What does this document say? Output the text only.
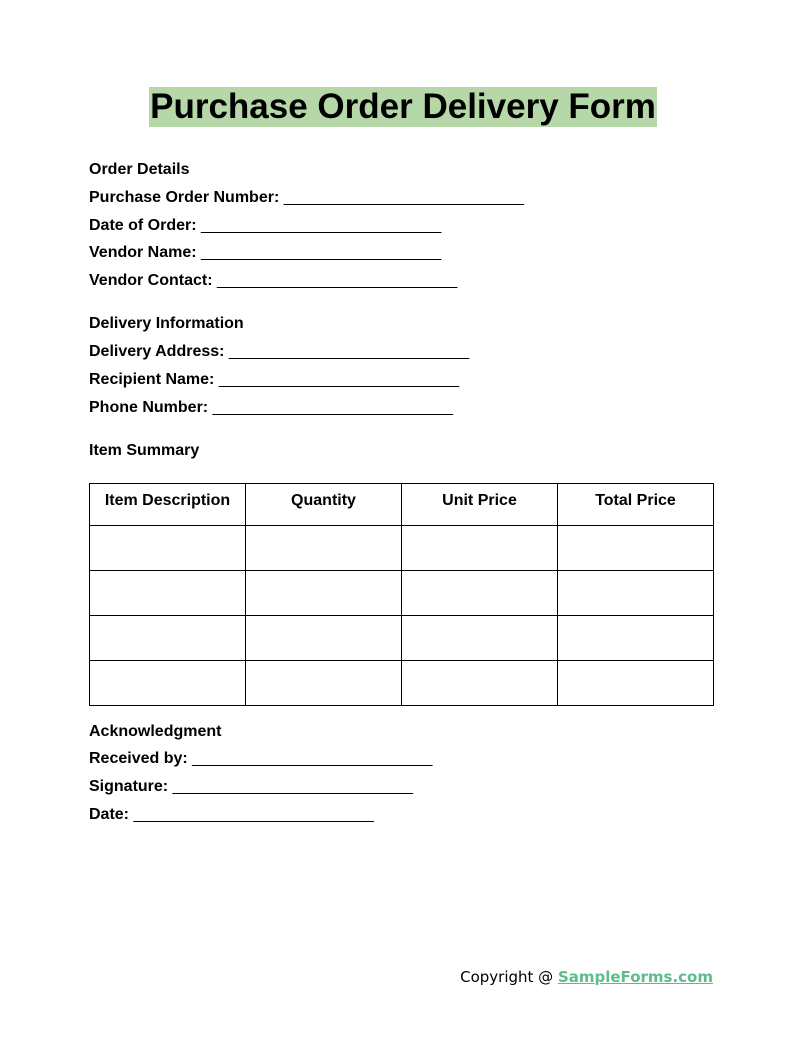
Purchase Order Delivery Form
Order Details
Purchase Order Number: ___________________________
Date of Order: ___________________________
Vendor Name: ___________________________
Vendor Contact: ___________________________
Delivery Information
Delivery Address: ___________________________
Recipient Name: ___________________________
Phone Number: ___________________________
Item Summary
Item Description	Quantity	Unit Price	Total Price

Acknowledgment
Received by: ___________________________
Signature: ___________________________
Date: ___________________________
Copyright @ SampleForms.com
